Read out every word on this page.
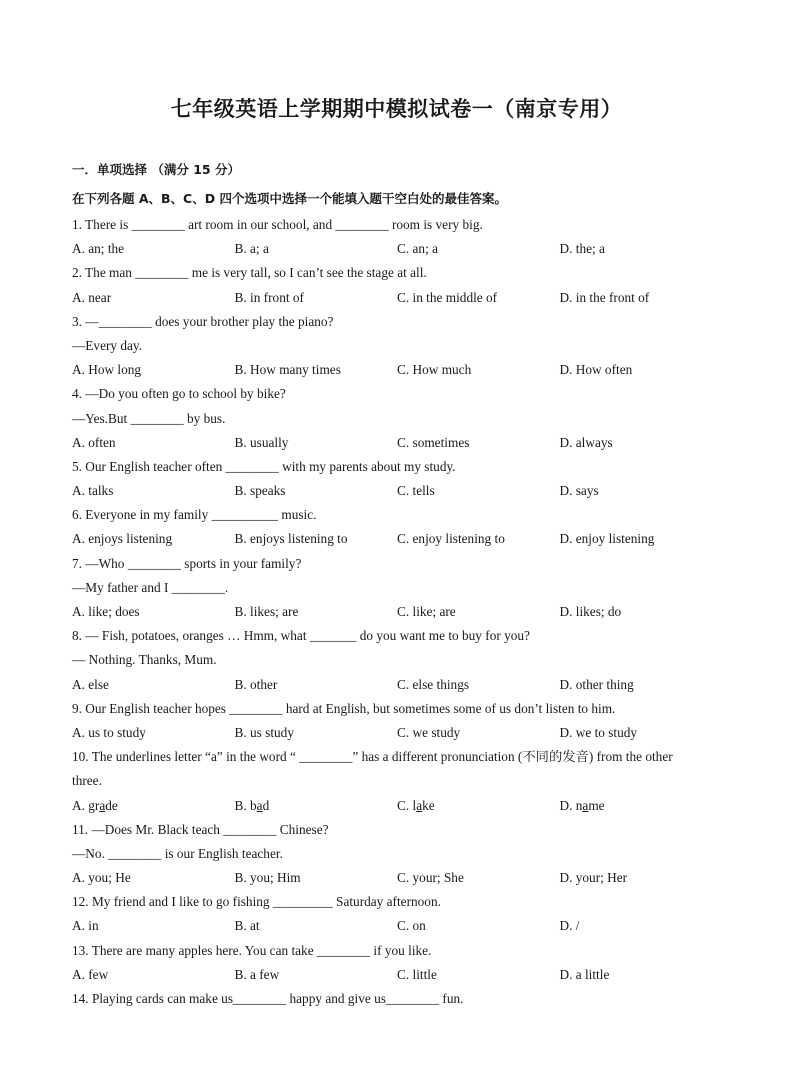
七年级英语上学期期中模拟试卷一（南京专用）
一．单项选择 （满分 15 分）
在下列各题 A、B、C、D 四个选项中选择一个能填入题干空白处的最佳答案。
1. There is ________ art room in our school, and ________ room is very big.
A. an; the	B. a; a	C. an; a	D. the; a
2. The man ________ me is very tall, so I can’t see the stage at all.
A. near	B. in front of	C. in the middle of	D. in the front of
3. —________ does your brother play the piano?
—Every day.
A. How long	B. How many times	C. How much	D. How often
4. —Do you often go to school by bike?
—Yes.But ________ by bus.
A. often	B. usually	C. sometimes	D. always
5. Our English teacher often ________ with my parents about my study.
A. talks	B. speaks	C. tells	D. says
6. Everyone in my family __________ music.
A. enjoys listening	B. enjoys listening to	C. enjoy listening to	D. enjoy listening
7. —Who ________ sports in your family?
—My father and I ________.
A. like; does	B. likes; are	C. like; are	D. likes; do
8. — Fish, potatoes, oranges … Hmm, what _______ do you want me to buy for you?
— Nothing. Thanks, Mum.
A. else	B. other	C. else things	D. other thing
9. Our English teacher hopes ________ hard at English, but sometimes some of us don’t listen to him.
A. us to study	B. us study	C. we study	D. we to study
10. The underlines letter “a” in the word “ ________” has a different pronunciation (不同的发音) from the other
three.
A. grade	B. bad	C. lake	D. name
11. —Does Mr. Black teach ________ Chinese?
—No. ________ is our English teacher.
A. you; He	B. you; Him	C. your; She	D. your; Her
12. My friend and I like to go fishing _________ Saturday afternoon.
A. in	B. at	C. on	D. /
13. There are many apples here. You can take ________ if you like.
A. few	B. a few	C. little	D. a little
14. Playing cards can make us________ happy and give us________ fun.
